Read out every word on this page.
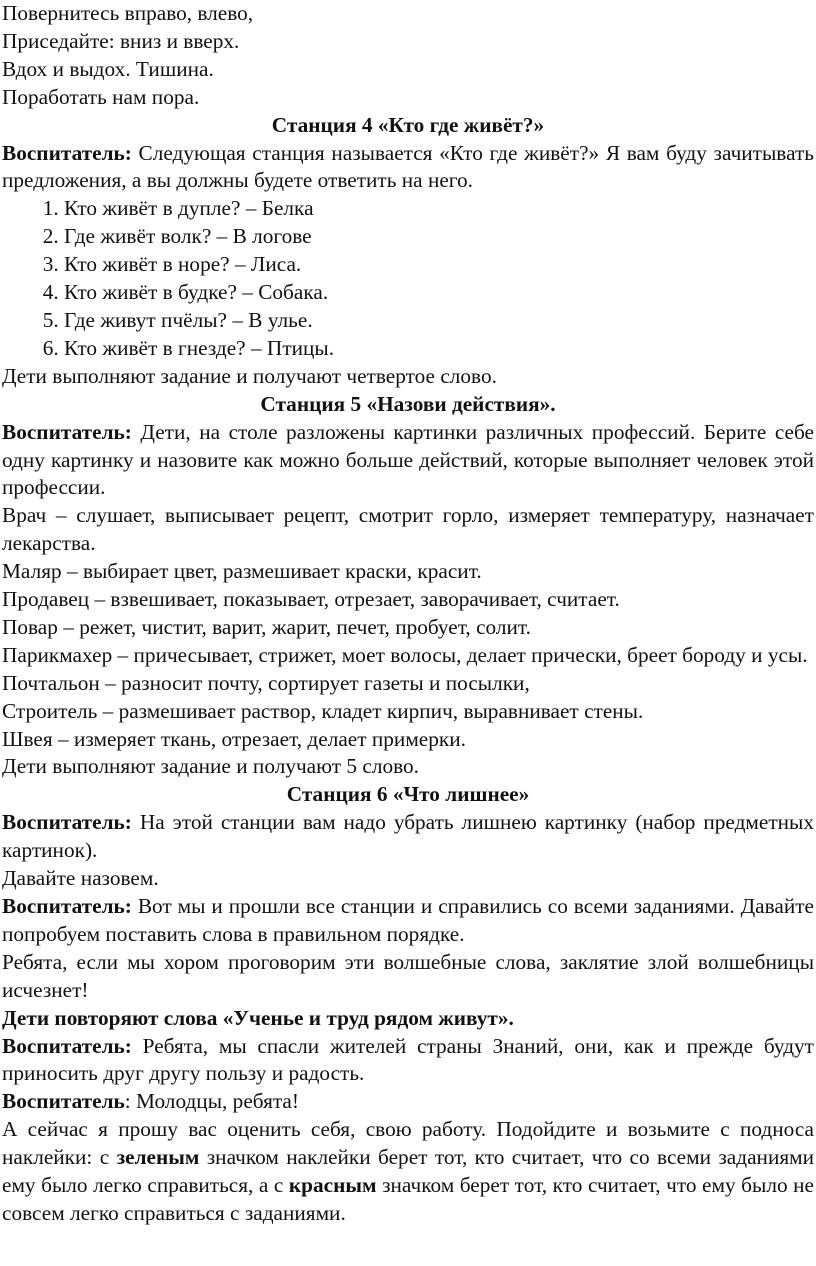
Повернитесь вправо, влево,

Приседайте: вниз и вверх.

Вдох и выдох. Тишина.

Поработать нам пора.

Станция 4 «Кто где живёт?»

Воспитатель: Следующая станция называется «Кто где живёт?» Я вам буду зачитывать предложения, а вы должны будете ответить на него.

1. Кто живёт в дупле? – Белка
2. Где живёт волк? – В логове
3. Кто живёт в норе? – Лиса.
4. Кто живёт в будке? – Собака.
5. Где живут пчёлы? – В улье.
6. Кто живёт в гнезде? – Птицы.

Дети выполняют задание и получают четвертое слово.

Станция 5 «Назови действия».

Воспитатель: Дети, на столе разложены картинки различных профессий. Берите себе одну картинку и назовите как можно больше действий, которые выполняет человек этой профессии.

Врач – слушает, выписывает рецепт, смотрит горло, измеряет температуру, назначает лекарства.

Маляр – выбирает цвет, размешивает краски, красит.

Продавец – взвешивает, показывает, отрезает, заворачивает, считает.

Повар – режет, чистит, варит, жарит, печет, пробует, солит.

Парикмахер – причесывает, стрижет, моет волосы, делает прически, бреет бороду и усы.

Почтальон – разносит почту, сортирует газеты и посылки,

Строитель – размешивает раствор, кладет кирпич, выравнивает стены.

Швея – измеряет ткань, отрезает, делает примерки.

Дети выполняют задание и получают 5 слово.

Станция 6 «Что лишнее»

Воспитатель: На этой станции вам надо убрать лишнею картинку (набор предметных картинок).

Давайте назовем.

Воспитатель: Вот мы и прошли все станции и справились со всеми заданиями. Давайте попробуем поставить слова в правильном порядке.

Ребята, если мы хором проговорим эти волшебные слова, заклятие злой волшебницы исчезнет!

Дети повторяют слова «Ученье и труд рядом живут».

Воспитатель: Ребята, мы спасли жителей страны Знаний, они, как и прежде будут приносить друг другу пользу и радость.

Воспитатель: Молодцы, ребята!

А сейчас я прошу вас оценить себя, свою работу. Подойдите и возьмите с подноса наклейки: с зеленым значком наклейки берет тот, кто считает, что со всеми заданиями ему было легко справиться, а с красным значком берет тот, кто считает, что ему было не совсем легко справиться с заданиями.
